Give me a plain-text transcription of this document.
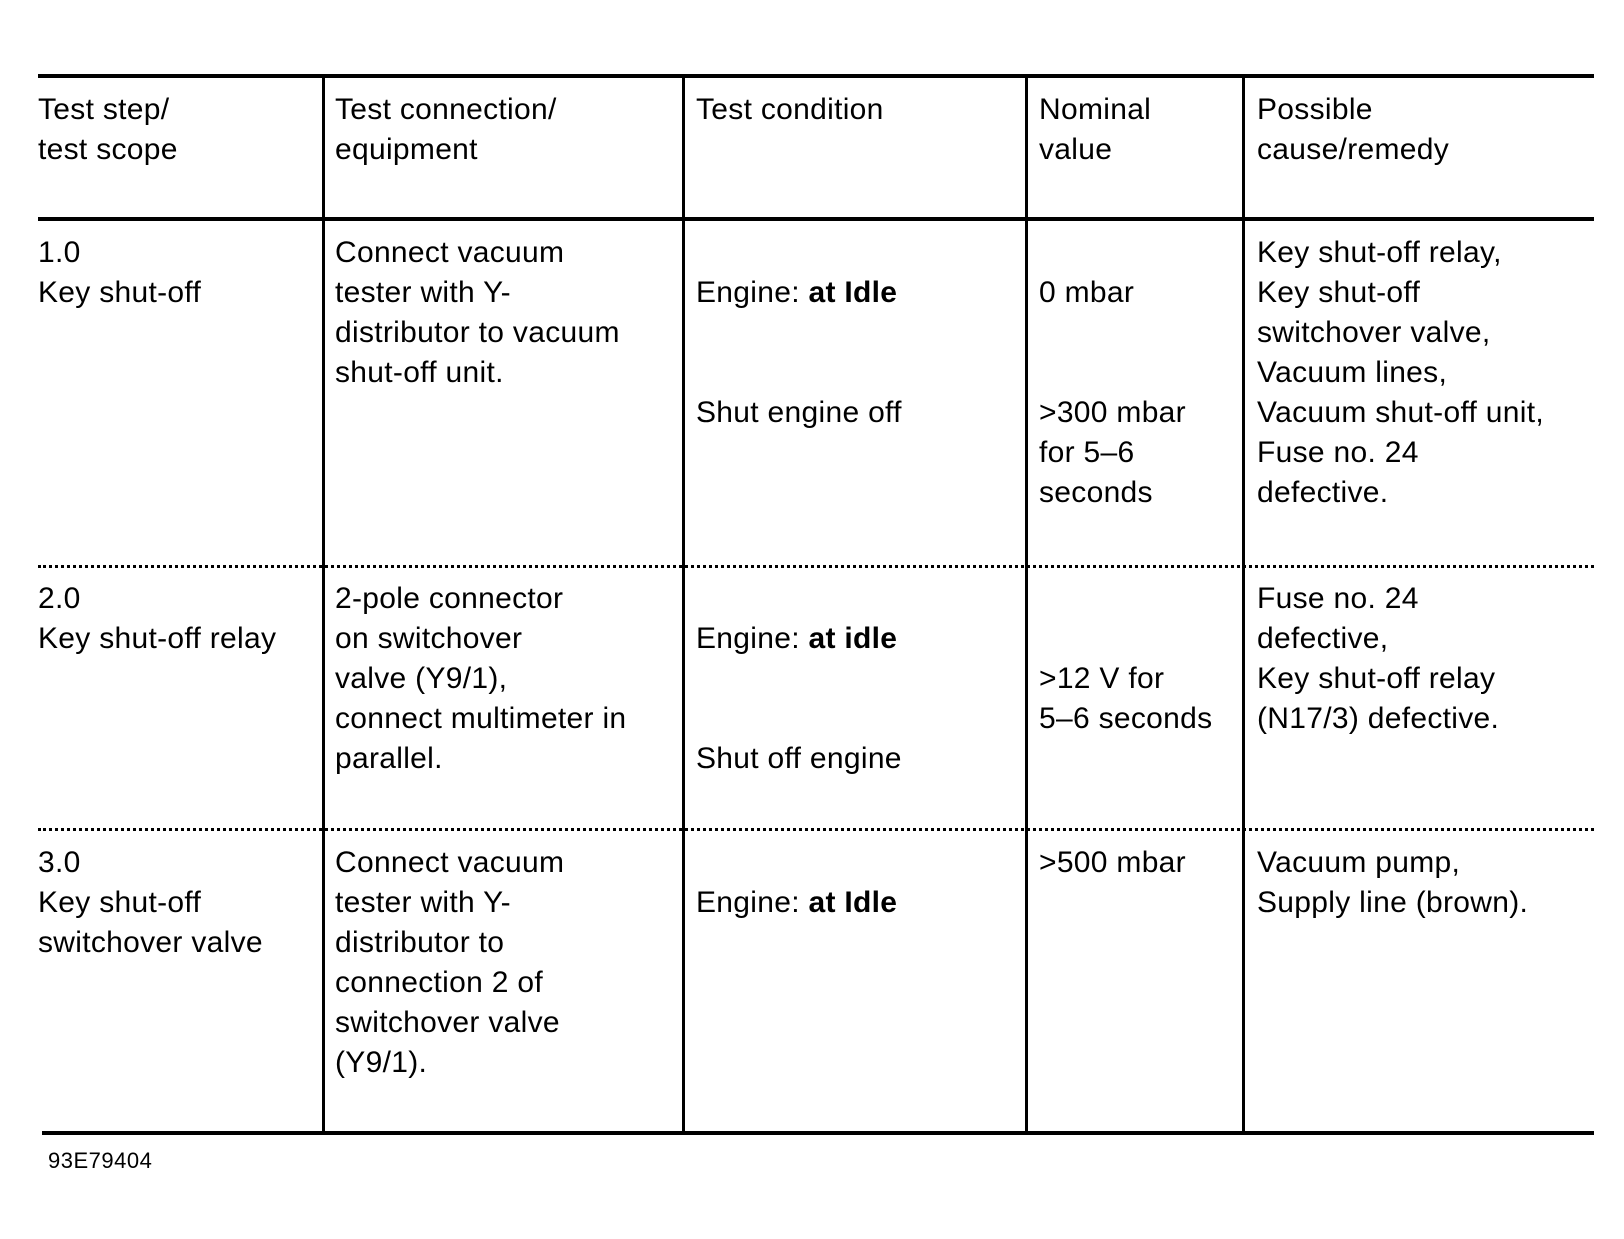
Test step/
test scope
Test connection/
equipment
Test condition	Nominal
value
Possible
cause/remedy
1.0
Key shut-off
Connect vacuum
tester with Y-
distributor to vacuum
shut-off unit.

Engine: at Idle

Shut engine off

0 mbar

>300 mbar
for 5–6
seconds

Key shut-off relay,
Key shut-off
switchover valve,
Vacuum lines,
Vacuum shut-off unit,
Fuse no. 24
defective.
2.0
Key shut-off relay
2-pole connector
on switchover
valve (Y9/1),
connect multimeter in
parallel.

Engine: at idle

Shut off engine

>12 V for
5–6 seconds
Fuse no. 24
defective,
Key shut-off relay
(N17/3) defective.
3.0
Key shut-off
switchover valve
Connect vacuum
tester with Y-
distributor to
connection 2 of
switchover valve
(Y9/1).

Engine: at Idle

>500 mbar Vacuum pump,
Supply line (brown).
93E79404
